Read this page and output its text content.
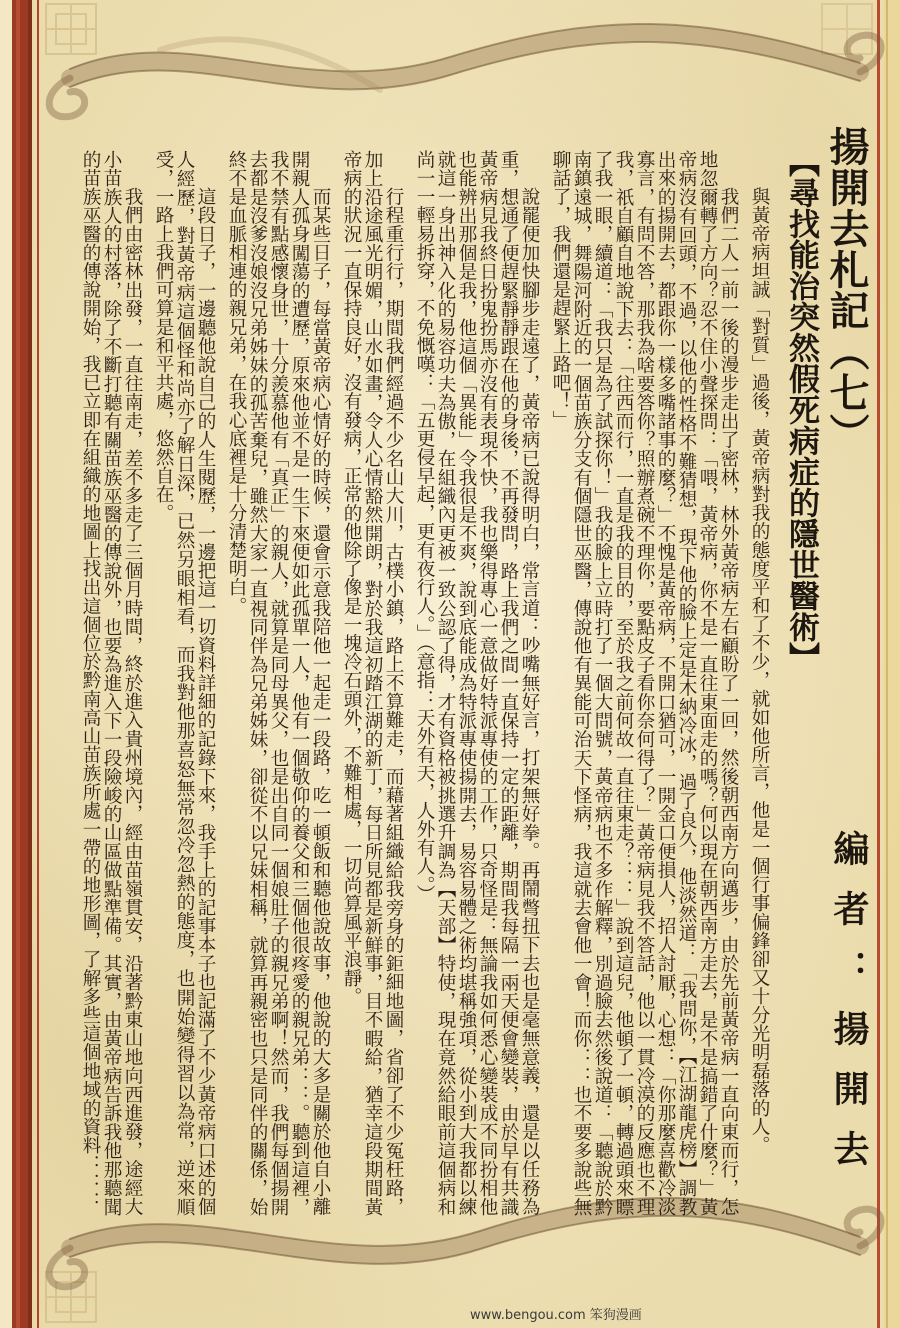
揚開去札記（七）
【尋找能治突然假死病症的隱世醫術】

與黃帝病坦誠「對質」過後，黃帝病對我的態度平和了不少，就如他所言，他是一個行事偏鋒卻又十分光明磊落的人。

我們二人一前一後的漫步走出了密林，林外黃帝病左右顧盼了一回，然後朝西南方向邁步，由於先前黃帝病一直向東而行，怎地忽爾轉了方向？忍不住小聲探問：「喂，黃帝病，你不是一直往東面走的嗎？何以現在朝西南方走去，是不是搞錯了什麼？」黃帝病沒有回頭，不過，以他的性格不難猜想，現下他的臉上定是木納冷冰，過了良久，他淡然道：「我問你，【江湖龍虎榜】調教出來的揚開去，都跟你一樣多嘴諸事的麼？」不愧是黃帝病，不開口猶可，一開金口便損人，招人討厭，心想：「你那麼喜歡冷淡寡言，有問不答，那我為啥要答你？照辦煮碗不理你，要點皮子看你奈何得了？」黃帝病見我不答話，他以一貫冷漠的反應也不理我，祇自顧自地說下去：「往西而行，一直是我的目的，至於我之前何故一直往東走？：：」說到這兒，他頓了一頓，轉過頭來瞟了我一眼，續道：「我只是為了試探你！」我的臉上立時打了一個大問號，黃帝病也不多作解釋，別過臉去然後說道：「聽說於黔南鎮遠城，舞陽河附近的一個苗族分支有個隱世巫醫，傳說他有異能可治天下怪病，我這就去會他一會！而你：：也不要多說些無聊話了，我們還是趕緊上路吧！」

說罷便加快腳步走遠了，黃帝病已說得明白，常言道：吵嘴無好言，打架無好拳。再鬧彆扭下去也是毫無意義，還是以任務為重，想通了便趕緊靜靜跟在他的身後，不再發問，路上我們之間一直保持一定的距離，期間我每隔一兩天便會變裝，由於早有共識黃帝病見我終日扮鬼扮馬亦沒有表現不快，我也樂得專心一意做好特派專使的工作，只奇怪是：無論我如何悉心變裝成不同扮相他也能辨出那個是我，他這個「異能」令我很是不爽，說到底能成為特派專使揚開去，易容易體之術均堪稱強項，從小到大我都以練就這一身出神入化的易容功夫為傲，在組織內更被一致公認了得，才有資格被挑選升調為【天部】特使，現在竟然給眼前這個病和尚一一輕易拆穿，不免慨嘆：「五更侵早起，更有夜行人。」（意指：天外有天，人外有人。）

行程重行行，期間我們經過不少名山大川，古樸小鎮，路上不算難走，而藉著組織給我旁身的鉅細地圖，省卻了不少冤枉路，加上沿途風光明媚，山水如畫，令人心情豁然開朗，對於我這初踏江湖的新丁，每日所見都是新鮮事，目不暇給，猶幸這段期間黃帝病的狀況一直保持良好，沒有發病，正常的他除了像是一塊冷石頭外，不難相處，一切尚算風平浪靜。

而某些日子，每當黃帝病心情好的時候，還會示意我陪他一起走一段路，吃一頓飯和聽他說故事，他說的大多是關於他自小離開親人孤身闖蕩的遭歷，原來他並不是一生下來便如此孤單一人，他有一個敬仰的養父和三個他很疼愛的親兄弟：：。聽到這裡，我不禁有點感懷身世，十分羨慕他有「真正」的親人，就算是同母異父，也是出自同一個娘肚子的親兄弟啊！然而，我們每個揚開去都是沒爹沒娘沒兄弟姊妹的孤苦棄兒，雖然大家一直視同伴為兄弟姊妹，卻從不以兄妹相稱，就算再親密也只是同伴的關係，始終不是血脈相連的親兄弟，在我心底裡是十分清楚明白。

這段日子，一邊聽他說自己的人生閱歷，一邊把這一切資料詳細的記錄下來，我手上的記事本子也記滿了不少黃帝病口述的個人經歷，對黃帝病這個怪和尚亦了解日深，已然另眼相看，而我對他那喜怒無常忽冷忽熱的態度，也開始變得習以為常，逆來順受，一路上我們可算是和平共處，悠然自在。

我們由密林出發，一直往南走，差不多走了三個月時間，終於進入貴州境內，經由苗嶺貫安，沿著黔東山地向西進發，途經大小苗族人的村落，除了不斷打聽有關苗族巫醫的傳說外，也要為進入下一段險峻的山區做點準備。其實，由黃帝病告訴我他那聽聞的苗族巫醫的傳說開始，我已立即在組織的地圖上找出這個位於黔南高山苗族所處一帶的地形圖，了解多些這個地域的資料：：：	編者：揚開去
www.bengou.com 笨狗漫画
